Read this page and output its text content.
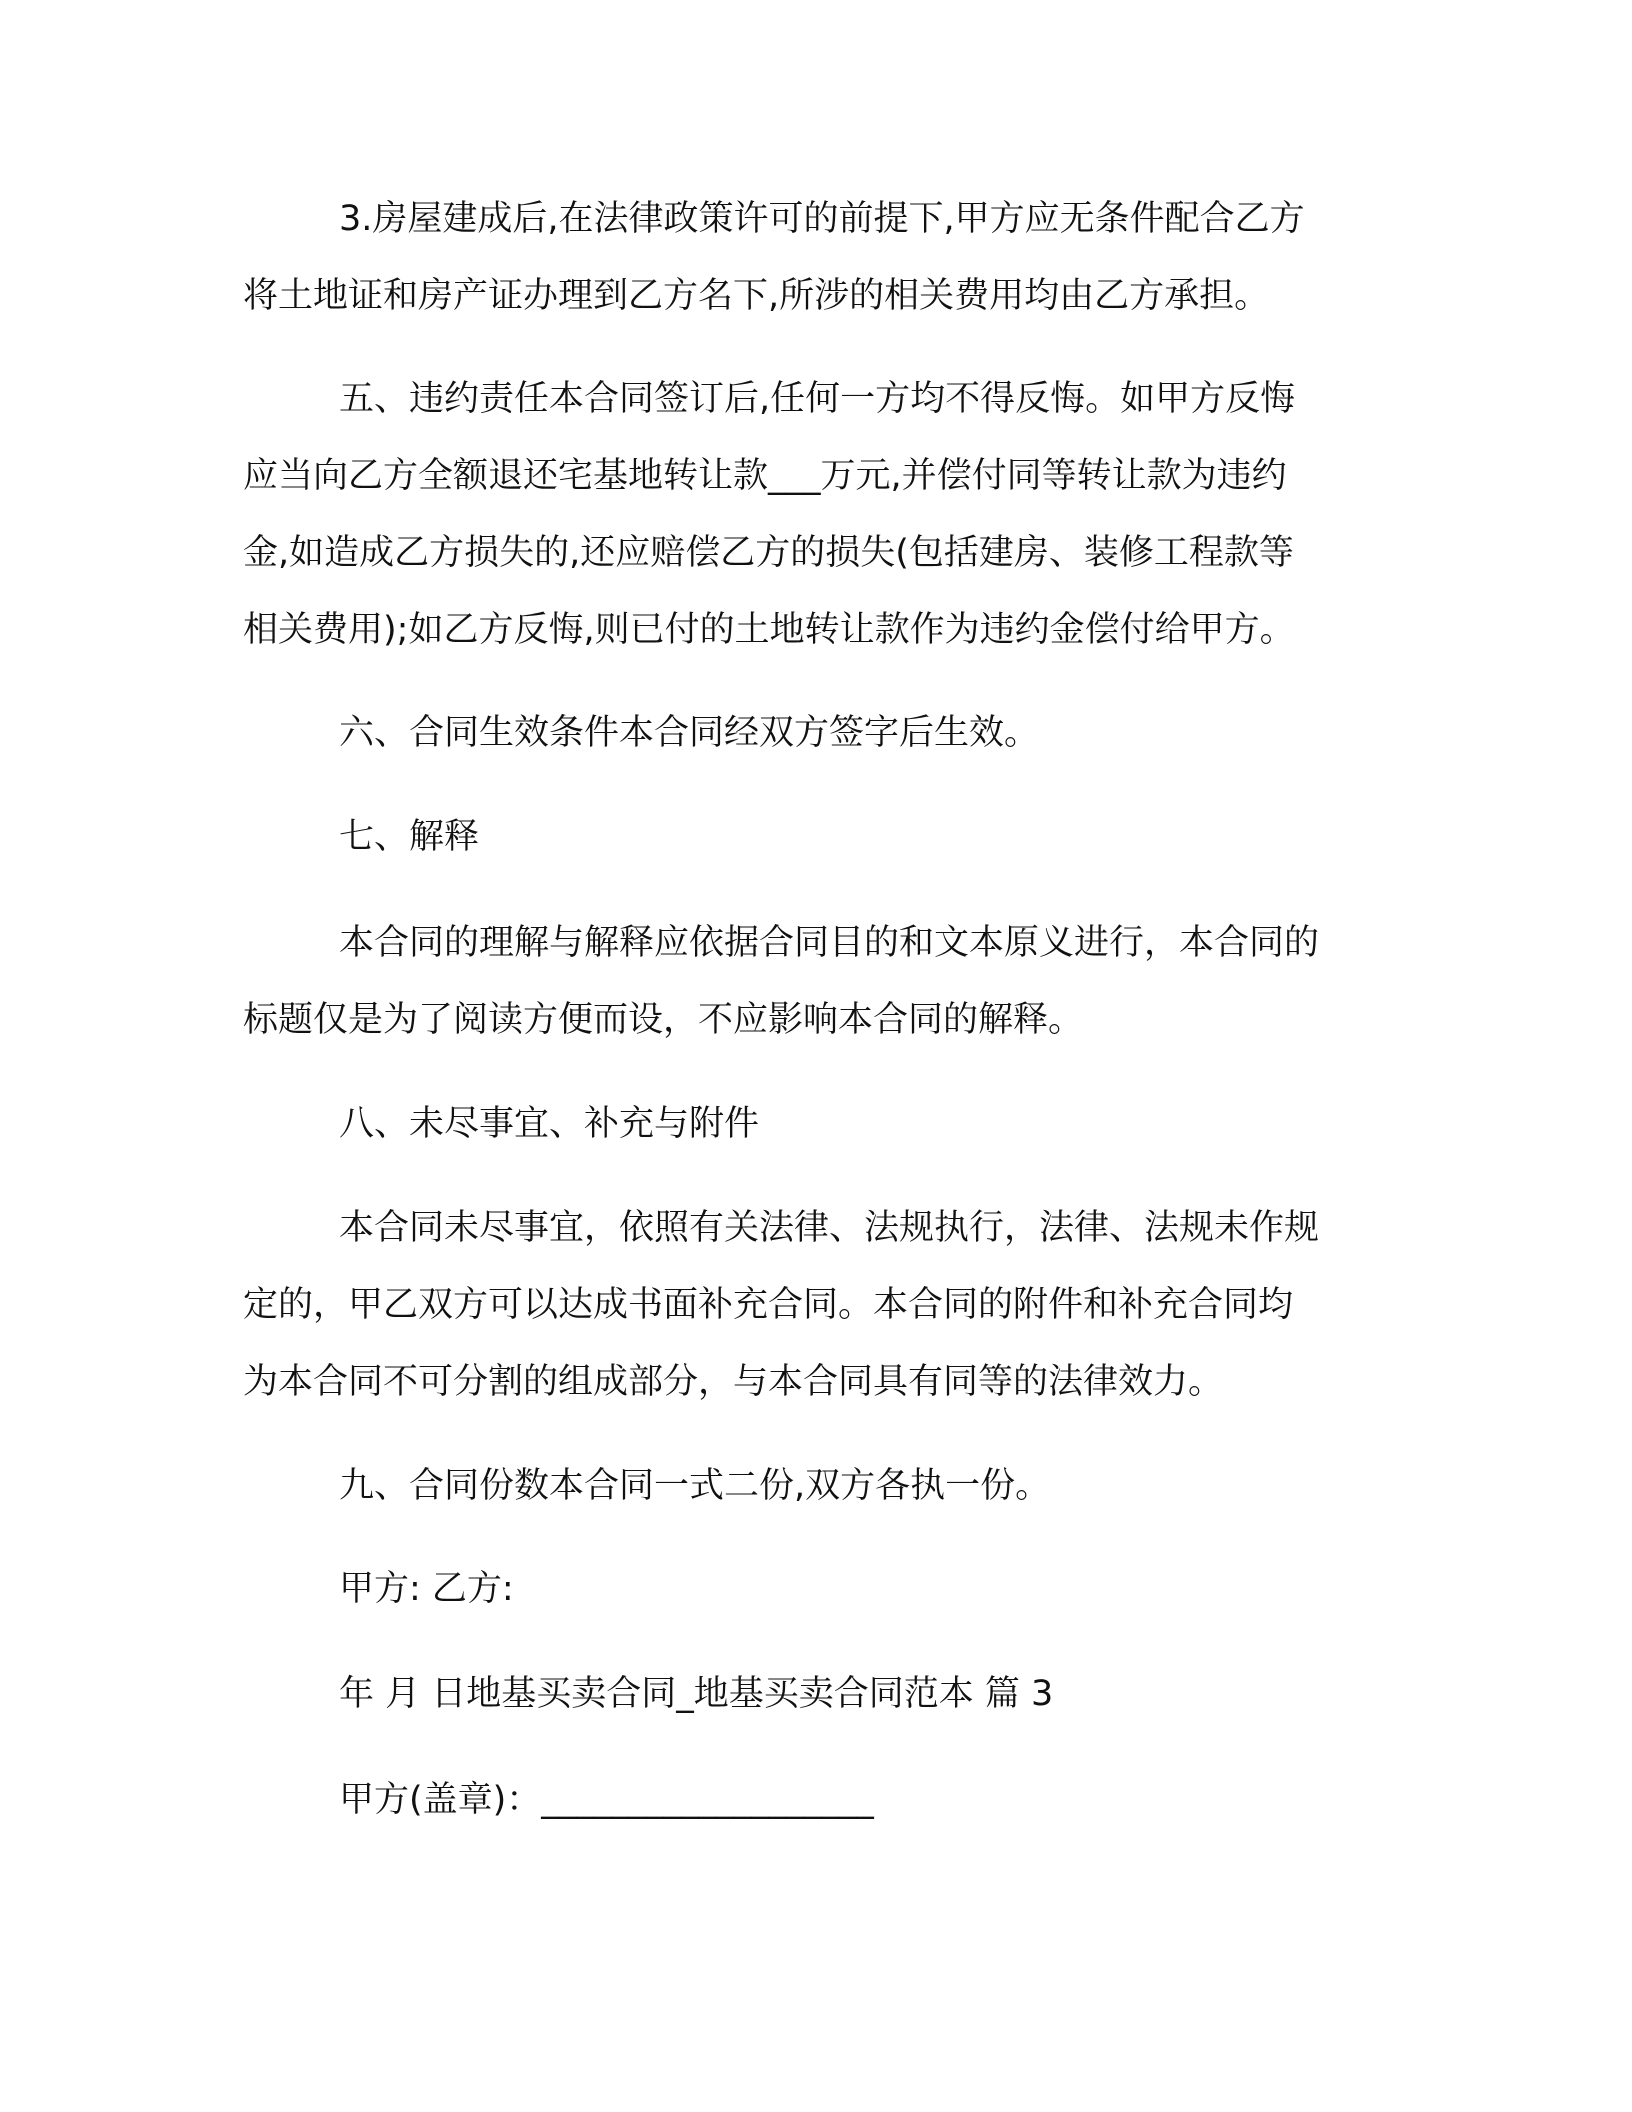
3.房屋建成后,在法律政策许可的前提下,甲方应无条件配合乙方
将土地证和房产证办理到乙方名下,所涉的相关费用均由乙方承担。
五、违约责任本合同签订后,任何一方均不得反悔。如甲方反悔
应当向乙方全额退还宅基地转让款___万元,并偿付同等转让款为违约
金,如造成乙方损失的,还应赔偿乙方的损失(包括建房、装修工程款等
相关费用);如乙方反悔,则已付的土地转让款作为违约金偿付给甲方。
六、合同生效条件本合同经双方签字后生效。
七、解释
本合同的理解与解释应依据合同目的和文本原义进行，本合同的
标题仅是为了阅读方便而设，不应影响本合同的解释。
八、未尽事宜、补充与附件
本合同未尽事宜，依照有关法律、法规执行，法律、法规未作规
定的，甲乙双方可以达成书面补充合同。本合同的附件和补充合同均
为本合同不可分割的组成部分，与本合同具有同等的法律效力。
九、合同份数本合同一式二份,双方各执一份。
甲方: 乙方:
年 月 日地基买卖合同_地基买卖合同范本 篇 3
甲方(盖章)：___________________
